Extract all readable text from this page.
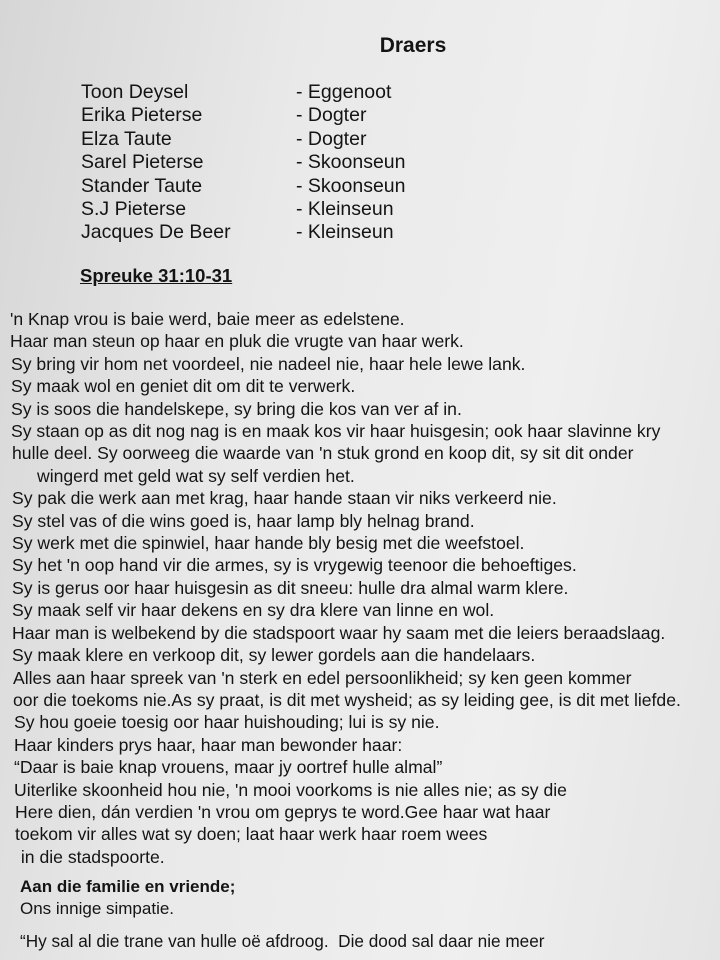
Draers
Toon Deysel	- Eggenoot
Erika Pieterse	- Dogter
Elza Taute	- Dogter
Sarel Pieterse	- Skoonseun
Stander Taute	- Skoonseun
S.J Pieterse	- Kleinseun
Jacques De Beer	- Kleinseun
Spreuke 31:10-31
'n Knap vrou is baie werd, baie meer as edelstene.
Haar man steun op haar en pluk die vrugte van haar werk.
Sy bring vir hom net voordeel, nie nadeel nie, haar hele lewe lank.
Sy maak wol en geniet dit om dit te verwerk.
Sy is soos die handelskepe, sy bring die kos van ver af in.
Sy staan op as dit nog nag is en maak kos vir haar huisgesin; ook haar slavinne kry
hulle deel. Sy oorweeg die waarde van 'n stuk grond en koop dit, sy sit dit onder
wingerd met geld wat sy self verdien het.
Sy pak die werk aan met krag, haar hande staan vir niks verkeerd nie.
Sy stel vas of die wins goed is, haar lamp bly helnag brand.
Sy werk met die spinwiel, haar hande bly besig met die weefstoel.
Sy het 'n oop hand vir die armes, sy is vrygewig teenoor die behoeftiges.
Sy is gerus oor haar huisgesin as dit sneeu: hulle dra almal warm klere.
Sy maak self vir haar dekens en sy dra klere van linne en wol.
Haar man is welbekend by die stadspoort waar hy saam met die leiers beraadslaag.
Sy maak klere en verkoop dit, sy lewer gordels aan die handelaars.
Alles aan haar spreek van 'n sterk en edel persoonlikheid; sy ken geen kommer
oor die toekoms nie.As sy praat, is dit met wysheid; as sy leiding gee, is dit met liefde.
Sy hou goeie toesig oor haar huishouding; lui is sy nie.
Haar kinders prys haar, haar man bewonder haar:
“Daar is baie knap vrouens, maar jy oortref hulle almal”
Uiterlike skoonheid hou nie, 'n mooi voorkoms is nie alles nie; as sy die
Here dien, dán verdien 'n vrou om geprys te word.Gee haar wat haar
toekom vir alles wat sy doen; laat haar werk haar roem wees
in die stadspoorte.
Aan die familie en vriende;
Ons innige simpatie.
“Hy sal al die trane van hulle oë afdroog.  Die dood sal daar nie meer
